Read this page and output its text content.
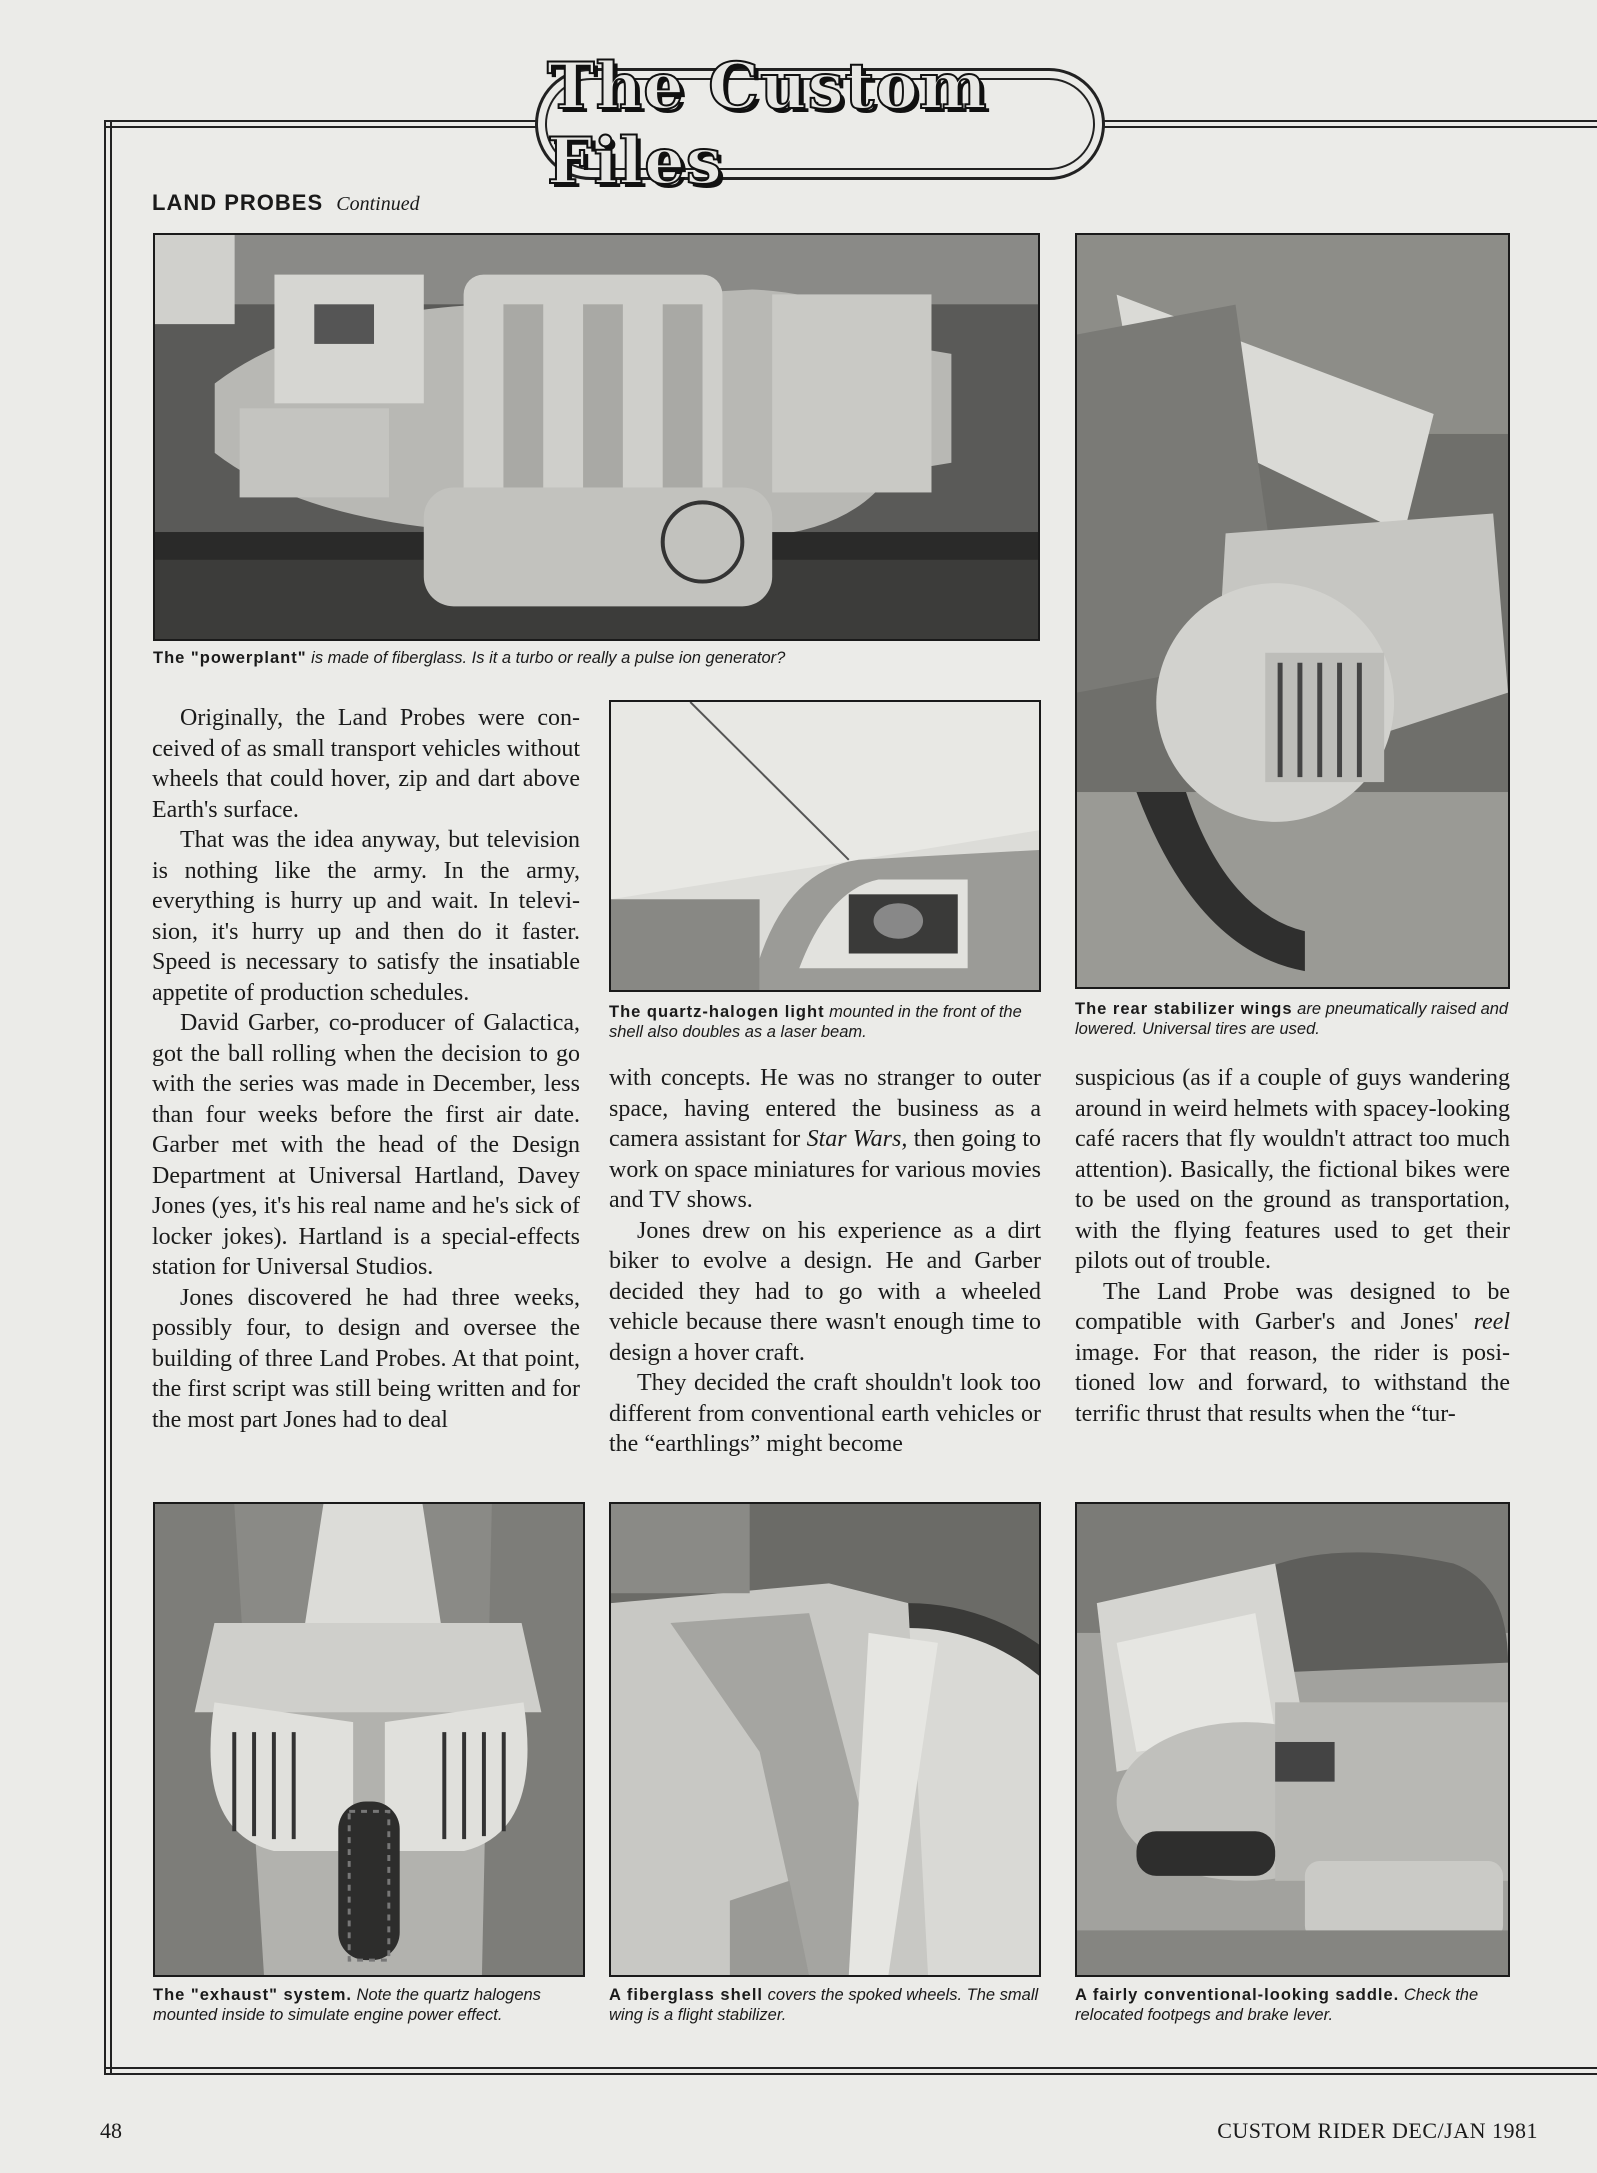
The Custom Files
LAND PROBES Continued
The "powerplant" is made of fiberglass. Is it a turbo or really a pulse ion generator?
The rear stabilizer wings are pneumatically raised and lowered. Universal tires are used.
The quartz-halogen light mounted in the front of the shell also doubles as a laser beam.

Originally, the Land Probes were conceived of as small transport vehicles without wheels that could hover, zip and dart above Earth's surface.

That was the idea anyway, but television is nothing like the army. In the army, everything is hurry up and wait. In television, it's hurry up and then do it faster. Speed is necessary to satisfy the insatiable appetite of production schedules.

David Garber, co-producer of Galactica, got the ball rolling when the decision to go with the series was made in December, less than four weeks before the first air date. Garber met with the head of the Design Department at Universal Hartland, Davey Jones (yes, it's his real name and he's sick of locker jokes). Hartland is a special-effects station for Universal Studios.

Jones discovered he had three weeks, possibly four, to design and oversee the building of three Land Probes. At that point, the first script was still being written and for the most part Jones had to deal

with concepts. He was no stranger to outer space, having entered the business as a camera assistant for Star Wars, then going to work on space miniatures for various movies and TV shows.

Jones drew on his experience as a dirt biker to evolve a design. He and Garber decided they had to go with a wheeled vehicle because there wasn't enough time to design a hover craft.

They decided the craft shouldn't look too different from conventional earth vehicles or the “earthlings” might become

suspicious (as if a couple of guys wandering around in weird helmets with spacey-looking café racers that fly wouldn't attract too much attention). Basically, the fictional bikes were to be used on the ground as transportation, with the flying features used to get their pilots out of trouble.

The Land Probe was designed to be compatible with Garber's and Jones' reel image. For that reason, the rider is positioned low and forward, to withstand the terrific thrust that results when the “tur-

The "exhaust" system. Note the quartz halogens mounted inside to simulate engine power effect.
A fiberglass shell covers the spoked wheels. The small wing is a flight stabilizer.
A fairly conventional-looking saddle. Check the relocated footpegs and brake lever.
48	CUSTOM RIDER DEC/JAN 1981
